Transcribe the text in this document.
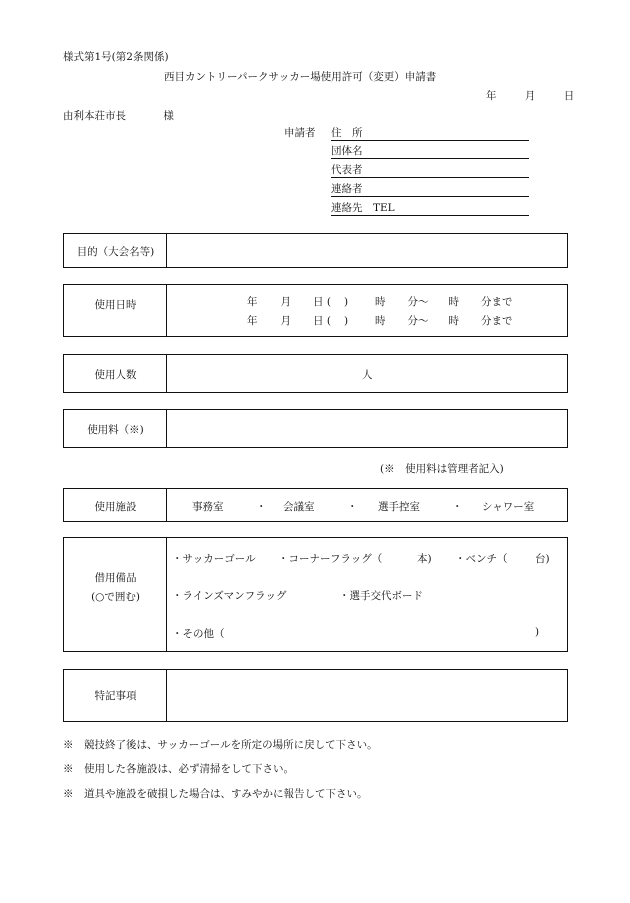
様式第1号(第2条関係)
西目カントリーパークサッカー場使用許可（変更）申請書
年	月	日
由利本荘市長	様
申請者 住　所
団体名
代表者
連絡者
連絡先　TEL
目的（大会名等)
使用日時	年 月 日 ( )	時 分～ 時 分まで
年 月 日 ( )	時 分～ 時 分まで
使用人数	人
使用料（※)
(※　使用料は管理者記入)
使用施設	事務室	・ 会議室	・ 選手控室	・ シャワー室
借用備品
(○で囲む)
・サッカーゴール ・コーナーフラッグ（	本) ・ベンチ（	台)
・ラインズマンフラッグ	・選手交代ボード
・その他（	)
特記事項
※　競技終了後は、サッカーゴールを所定の場所に戻して下さい。
※　使用した各施設は、必ず清掃をして下さい。
※　道具や施設を破損した場合は、すみやかに報告して下さい。
